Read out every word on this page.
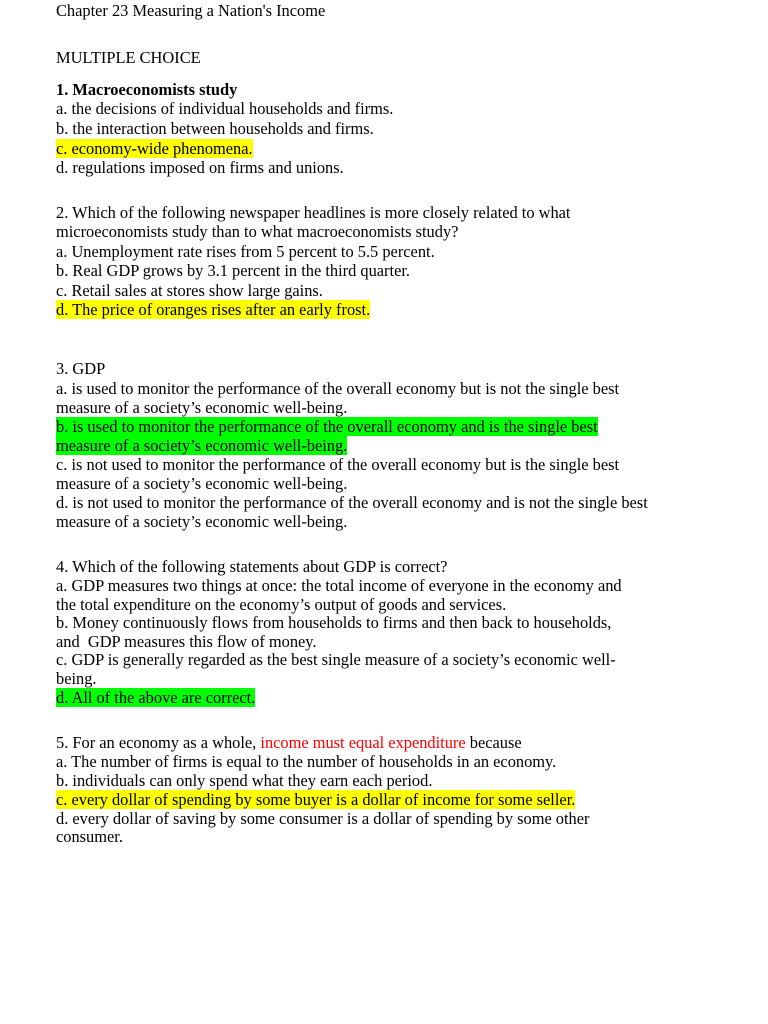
Chapter 23 Measuring a Nation's Income
MULTIPLE CHOICE
1. Macroeconomists study
a. the decisions of individual households and firms.
b. the interaction between households and firms.
c. economy-wide phenomena.
d. regulations imposed on firms and unions.
2. Which of the following newspaper headlines is more closely related to what
microeconomists study than to what macroeconomists study?
a. Unemployment rate rises from 5 percent to 5.5 percent.
b. Real GDP grows by 3.1 percent in the third quarter.
c. Retail sales at stores show large gains.
d. The price of oranges rises after an early frost.
3. GDP
a. is used to monitor the performance of the overall economy but is not the single best
measure of a society’s economic well-being.
b. is used to monitor the performance of the overall economy and is the single best
measure of a society’s economic well-being.
c. is not used to monitor the performance of the overall economy but is the single best
measure of a society’s economic well-being.
d. is not used to monitor the performance of the overall economy and is not the single best
measure of a society’s economic well-being.
4. Which of the following statements about GDP is correct?
a. GDP measures two things at once: the total income of everyone in the economy and
the total expenditure on the economy’s output of goods and services.
b. Money continuously flows from households to firms and then back to households,
and  GDP measures this flow of money.
c. GDP is generally regarded as the best single measure of a society’s economic well-
being.
d. All of the above are correct.
5. For an economy as a whole, income must equal expenditure because
a. The number of firms is equal to the number of households in an economy.
b. individuals can only spend what they earn each period.
c. every dollar of spending by some buyer is a dollar of income for some seller.
d. every dollar of saving by some consumer is a dollar of spending by some other
consumer.
